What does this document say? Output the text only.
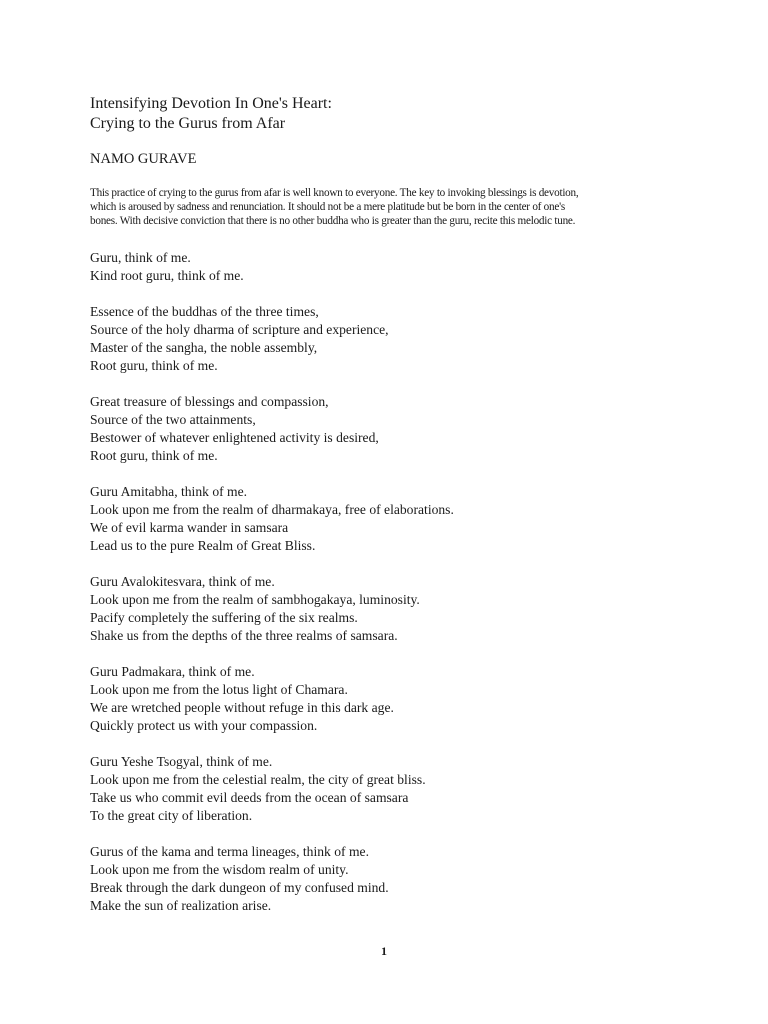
Intensifying Devotion In One's Heart:
Crying to the Gurus from Afar

NAMO GURAVE

This practice of crying to the gurus from afar is well known to everyone. The key to invoking blessings is devotion,
which is aroused by sadness and renunciation. It should not be a mere platitude but be born in the center of one's
bones. With decisive conviction that there is no other buddha who is greater than the guru, recite this melodic tune.
Guru, think of me.
Kind root guru, think of me.
Essence of the buddhas of the three times,
Source of the holy dharma of scripture and experience,
Master of the sangha, the noble assembly,
Root guru, think of me.
Great treasure of blessings and compassion,
Source of the two attainments,
Bestower of whatever enlightened activity is desired,
Root guru, think of me.
Guru Amitabha, think of me.
Look upon me from the realm of dharmakaya, free of elaborations.
We of evil karma wander in samsara
Lead us to the pure Realm of Great Bliss.
Guru Avalokitesvara, think of me.
Look upon me from the realm of sambhogakaya, luminosity.
Pacify completely the suffering of the six realms.
Shake us from the depths of the three realms of samsara.
Guru Padmakara, think of me.
Look upon me from the lotus light of Chamara.
We are wretched people without refuge in this dark age.
Quickly protect us with your compassion.
Guru Yeshe Tsogyal, think of me.
Look upon me from the celestial realm, the city of great bliss.
Take us who commit evil deeds from the ocean of samsara
To the great city of liberation.
Gurus of the kama and terma lineages, think of me.
Look upon me from the wisdom realm of unity.
Break through the dark dungeon of my confused mind.
Make the sun of realization arise.
1
